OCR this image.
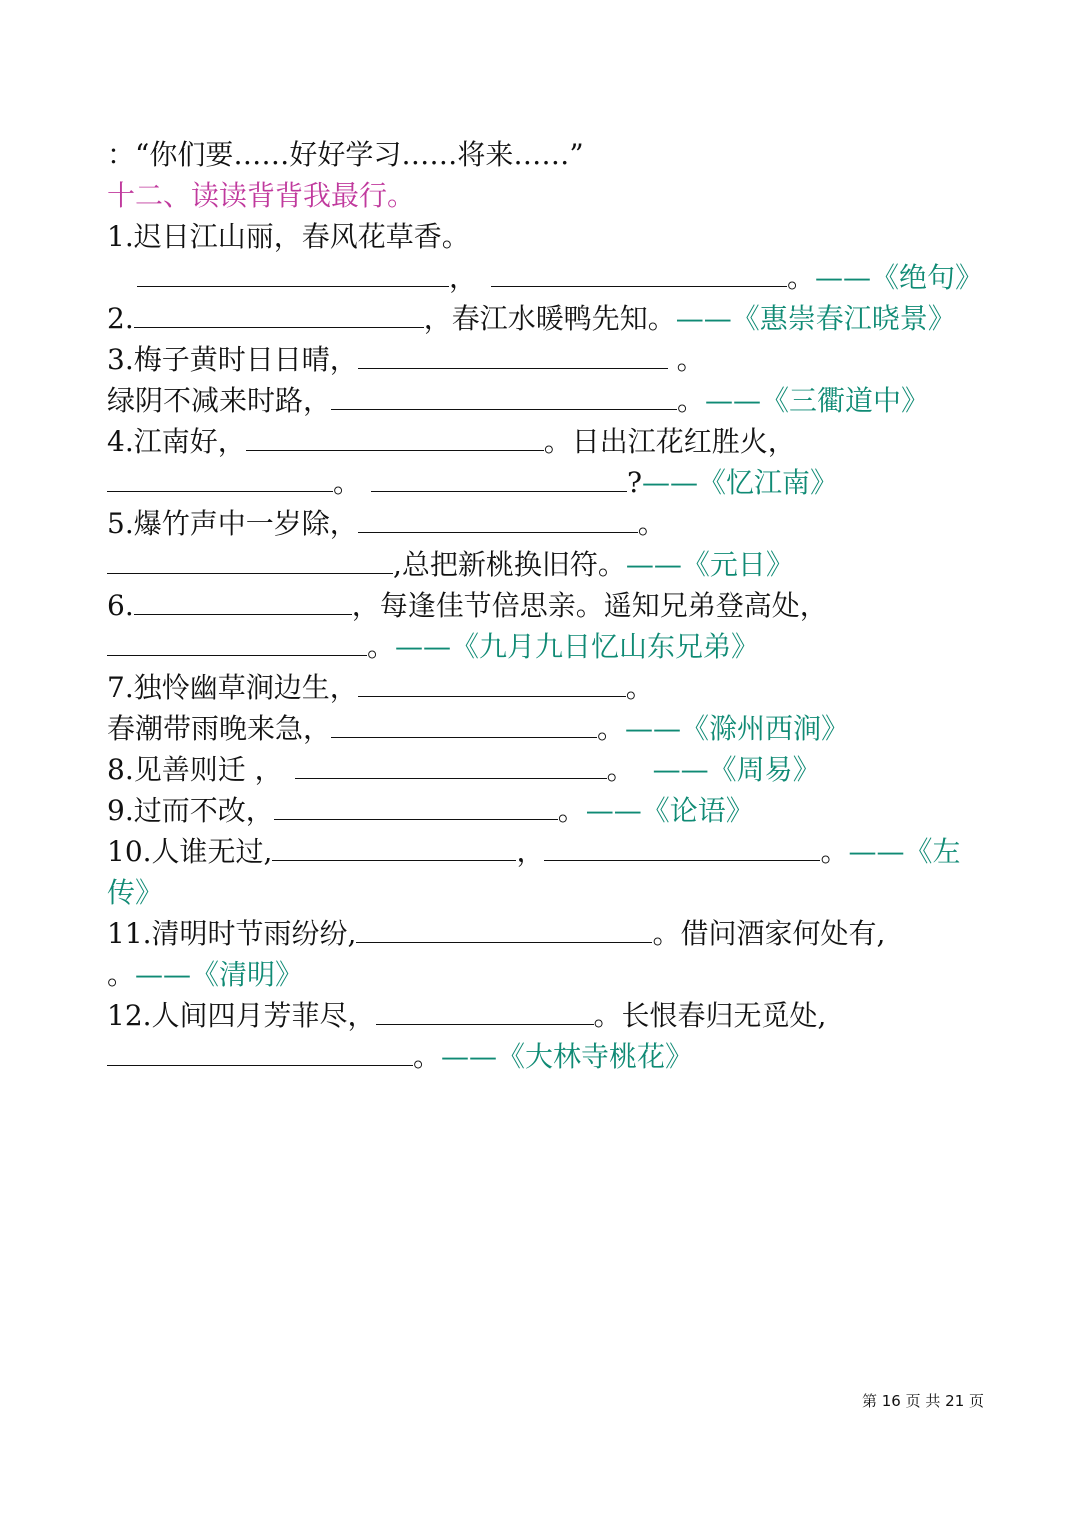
：“你们要……好好学习……将来……”
十二、读读背背我最行。
1.迟日江山丽，春风花草香。
，	。——《绝句》
2.	，春江水暖鸭先知。——《惠崇春江晓景》
3.梅子黄时日日晴，	。
绿阴不减来时路，	。——《三衢道中》
4.江南好，	。日出江花红胜火，
。	?——《忆江南》
5.爆竹声中一岁除，	。
,总把新桃换旧符。——《元日》
6.	，每逢佳节倍思亲。遥知兄弟登高处，
。——《九月九日忆山东兄弟》
7.独怜幽草涧边生，	。
春潮带雨晚来急，	。——《滁州西涧》
8.见善则迁 ，	。 ——《周易》
9.过而不改，	。——《论语》
10.人谁无过,	，	。——《左
传》
11.清明时节雨纷纷,	。借问酒家何处有,
。——《清明》
12.人间四月芳菲尽，	。长恨春归无觅处,
。——《大林寺桃花》
第 16 页 共 21 页
